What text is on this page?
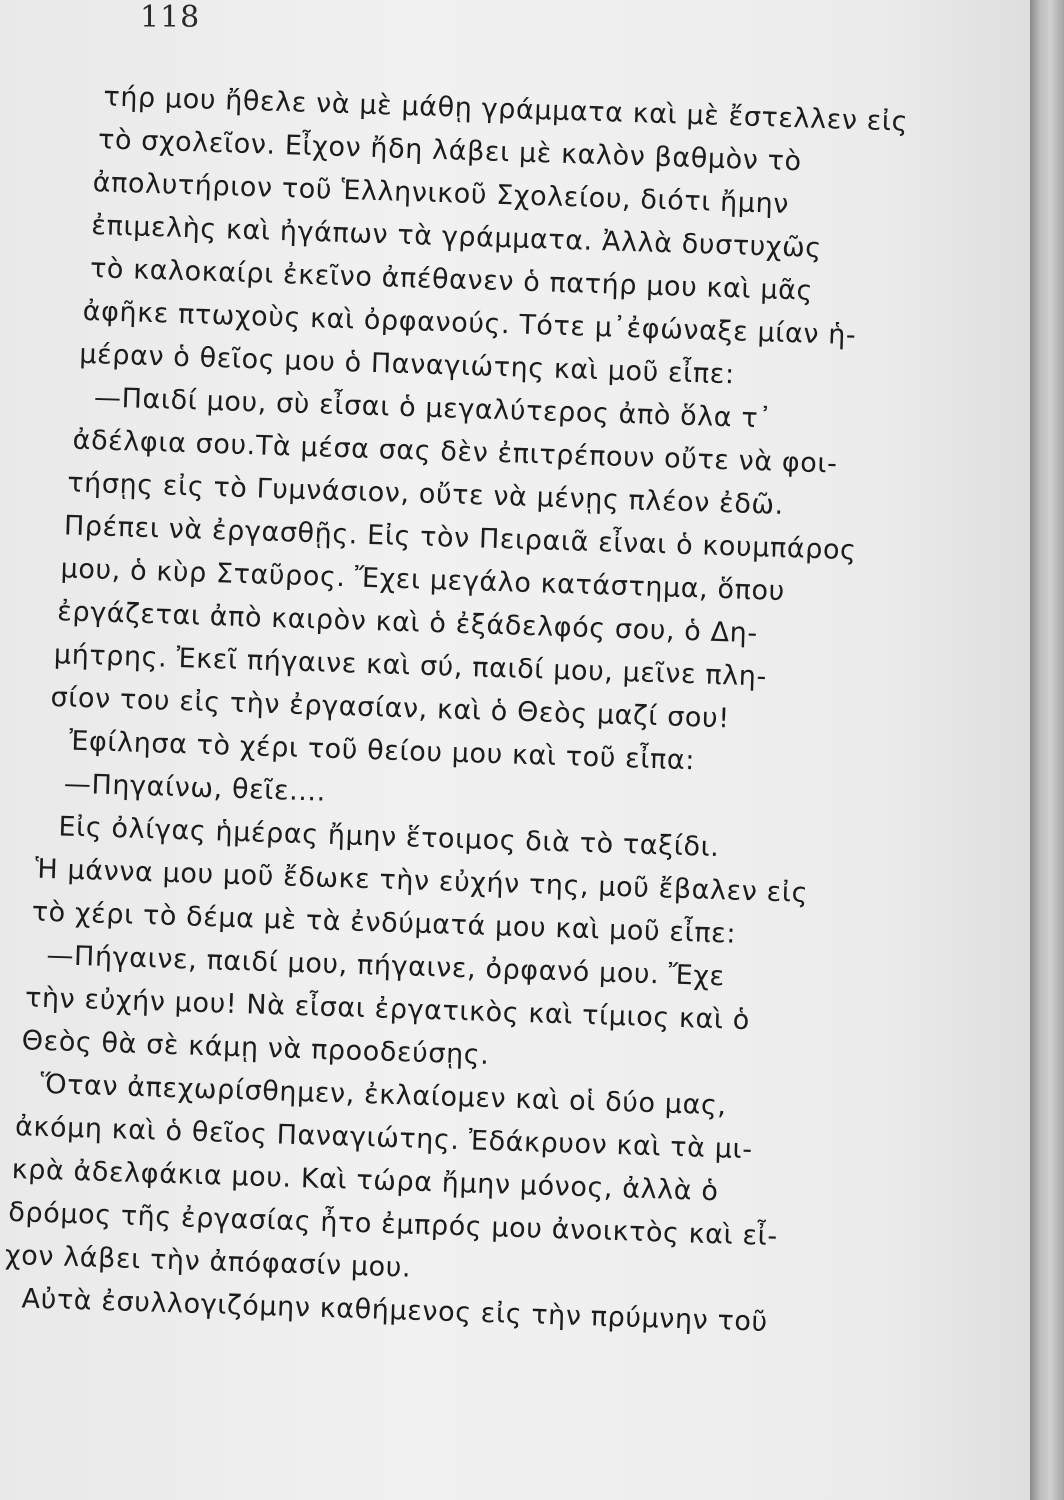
118
τήρ μου ἤθελε νὰ μὲ μάθῃ γράμματα καὶ μὲ ἔστελλεν εἰς
τὸ σχολεῖον. Εἶχον ἤδη λάβει μὲ καλὸν βαθμὸν τὸ
ἀπολυτήριον τοῦ Ἑλληνικοῦ Σχολείου, διότι ἤμην
ἐπιμελὴς καὶ ἠγάπων τὰ γράμματα. Ἀλλὰ δυστυχῶς
τὸ καλοκαίρι ἐκεῖνο ἀπέθανεν ὁ πατήρ μου καὶ μᾶς
ἀφῆκε πτωχοὺς καὶ ὀρφανούς. Τότε μ᾽ἐφώναξε μίαν ἡ-
μέραν ὁ θεῖος μου ὁ Παναγιώτης καὶ μοῦ εἶπε:
—Παιδί μου, σὺ εἶσαι ὁ μεγαλύτερος ἀπὸ ὅλα τ᾽
ἀδέλφια σου.Τὰ μέσα σας δὲν ἐπιτρέπουν οὔτε νὰ φοι-
τήσῃς εἰς τὸ Γυμνάσιον, οὔτε νὰ μένῃς πλέον ἐδῶ.
Πρέπει νὰ ἐργασθῇς. Εἰς τὸν Πειραιᾶ εἶναι ὁ κουμπάρος
μου, ὁ κὺρ Σταῦρος. Ἔχει μεγάλο κατάστημα, ὅπου
ἐργάζεται ἀπὸ καιρὸν καὶ ὁ ἐξάδελφός σου, ὁ Δη-
μήτρης. Ἐκεῖ πήγαινε καὶ σύ, παιδί μου, μεῖνε πλη-
σίον του εἰς τὴν ἐργασίαν, καὶ ὁ Θεὸς μαζί σου!
Ἐφίλησα τὸ χέρι τοῦ θείου μου καὶ τοῦ εἶπα:
—Πηγαίνω, θεῖε....
Εἰς ὀλίγας ἡμέρας ἤμην ἕτοιμος διὰ τὸ ταξίδι.
Ἡ μάννα μου μοῦ ἔδωκε τὴν εὐχήν της, μοῦ ἔβαλεν εἰς
τὸ χέρι τὸ δέμα μὲ τὰ ἐνδύματά μου καὶ μοῦ εἶπε:
—Πήγαινε, παιδί μου, πήγαινε, ὀρφανό μου. Ἔχε
τὴν εὐχήν μου! Νὰ εἶσαι ἐργατικὸς καὶ τίμιος καὶ ὁ
Θεὸς θὰ σὲ κάμῃ νὰ προοδεύσῃς.
Ὅταν ἀπεχωρίσθημεν, ἐκλαίομεν καὶ οἱ δύο μας,
ἀκόμη καὶ ὁ θεῖος Παναγιώτης. Ἐδάκρυον καὶ τὰ μι-
κρὰ ἀδελφάκια μου. Καὶ τώρα ἤμην μόνος, ἀλλὰ ὁ
δρόμος τῆς ἐργασίας ἦτο ἐμπρός μου ἀνοικτὸς καὶ εἶ-
χον λάβει τὴν ἀπόφασίν μου.
Αὐτὰ ἐσυλλογιζόμην καθήμενος εἰς τὴν πρύμνην τοῦ
